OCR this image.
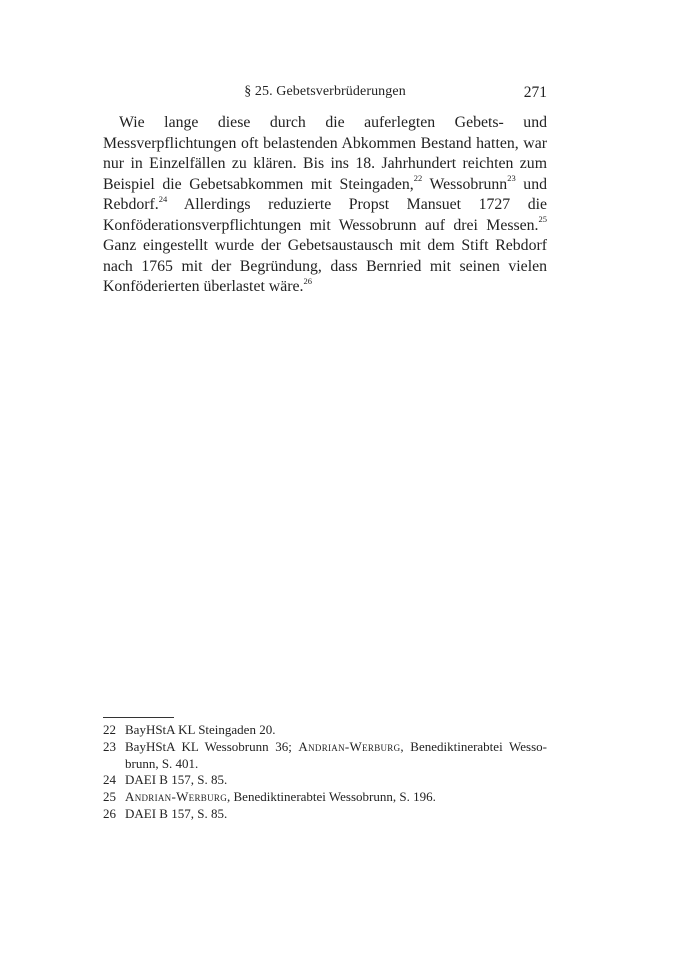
§ 25. Gebetsverbrüderungen	271

Wie lange diese durch die auferlegten Gebets- und Messverpflichtungen oft belastenden Abkommen Bestand hatten, war nur in Einzelfällen zu klären. Bis ins 18. Jahrhundert reichten zum Beispiel die Gebetsabkommen mit Steingaden,$^{22}$ Wessobrunn$^{23}$ und Rebdorf.$^{24}$ Allerdings reduzierte Propst Mansuet 1727 die Konföderationsverpflichtungen mit Wessobrunn auf drei Messen.$^{25}$ Ganz eingestellt wurde der Gebetsaustausch mit dem Stift Rebdorf nach 1765 mit der Begründung, dass Bernried mit seinen vielen Konföderierten überlastet wäre.$^{26}$

22 BayHStA KL Steingaden 20.
23 BayHStA KL Wessobrunn 36; Andrian-Werburg, Benediktinerabtei Wessobrunn, S. 401.
24 DAEI B 157, S. 85.
25 Andrian-Werburg, Benediktinerabtei Wessobrunn, S. 196.
26 DAEI B 157, S. 85.
